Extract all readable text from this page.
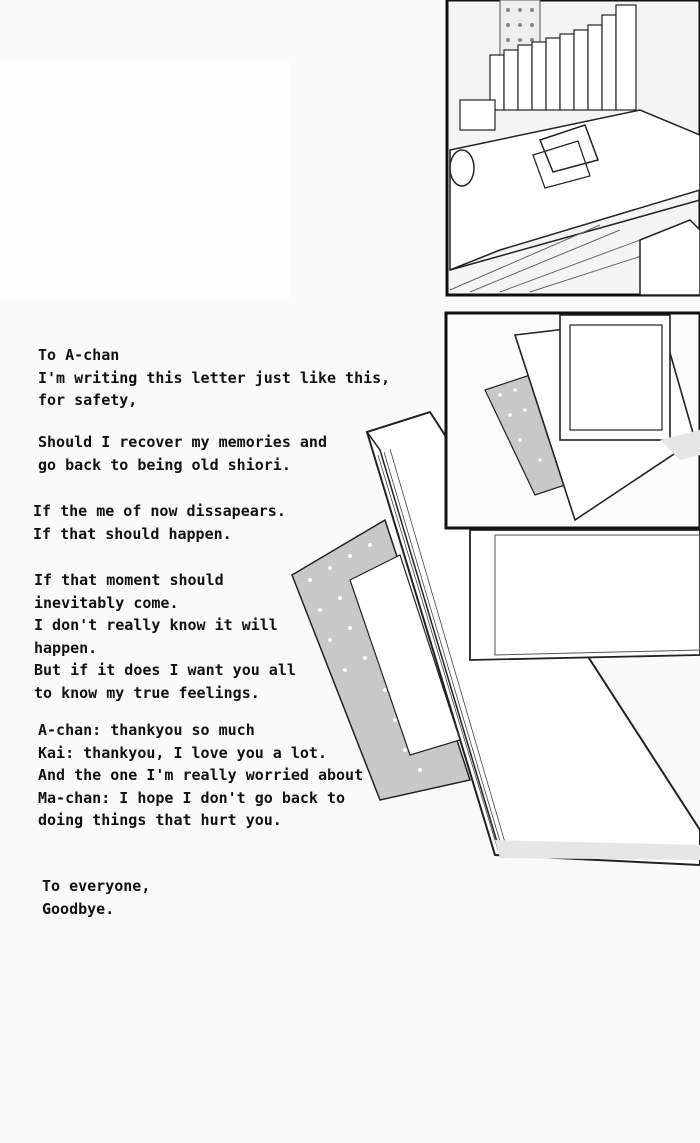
To A-chan
I'm writing this letter just like this,
for safety,
Should I recover my memories and
go back to being old shiori.
If the me of now dissapears.
If that should happen.
If that moment should
inevitably come.
I don't really know it will
happen.
But if it does I want you all
to know my true feelings.
A-chan: thankyou so much
Kai: thankyou, I love you a lot.
And the one I'm really worried about
Ma-chan: I hope I don't go back to
doing things that hurt you.
To everyone,
Goodbye.
